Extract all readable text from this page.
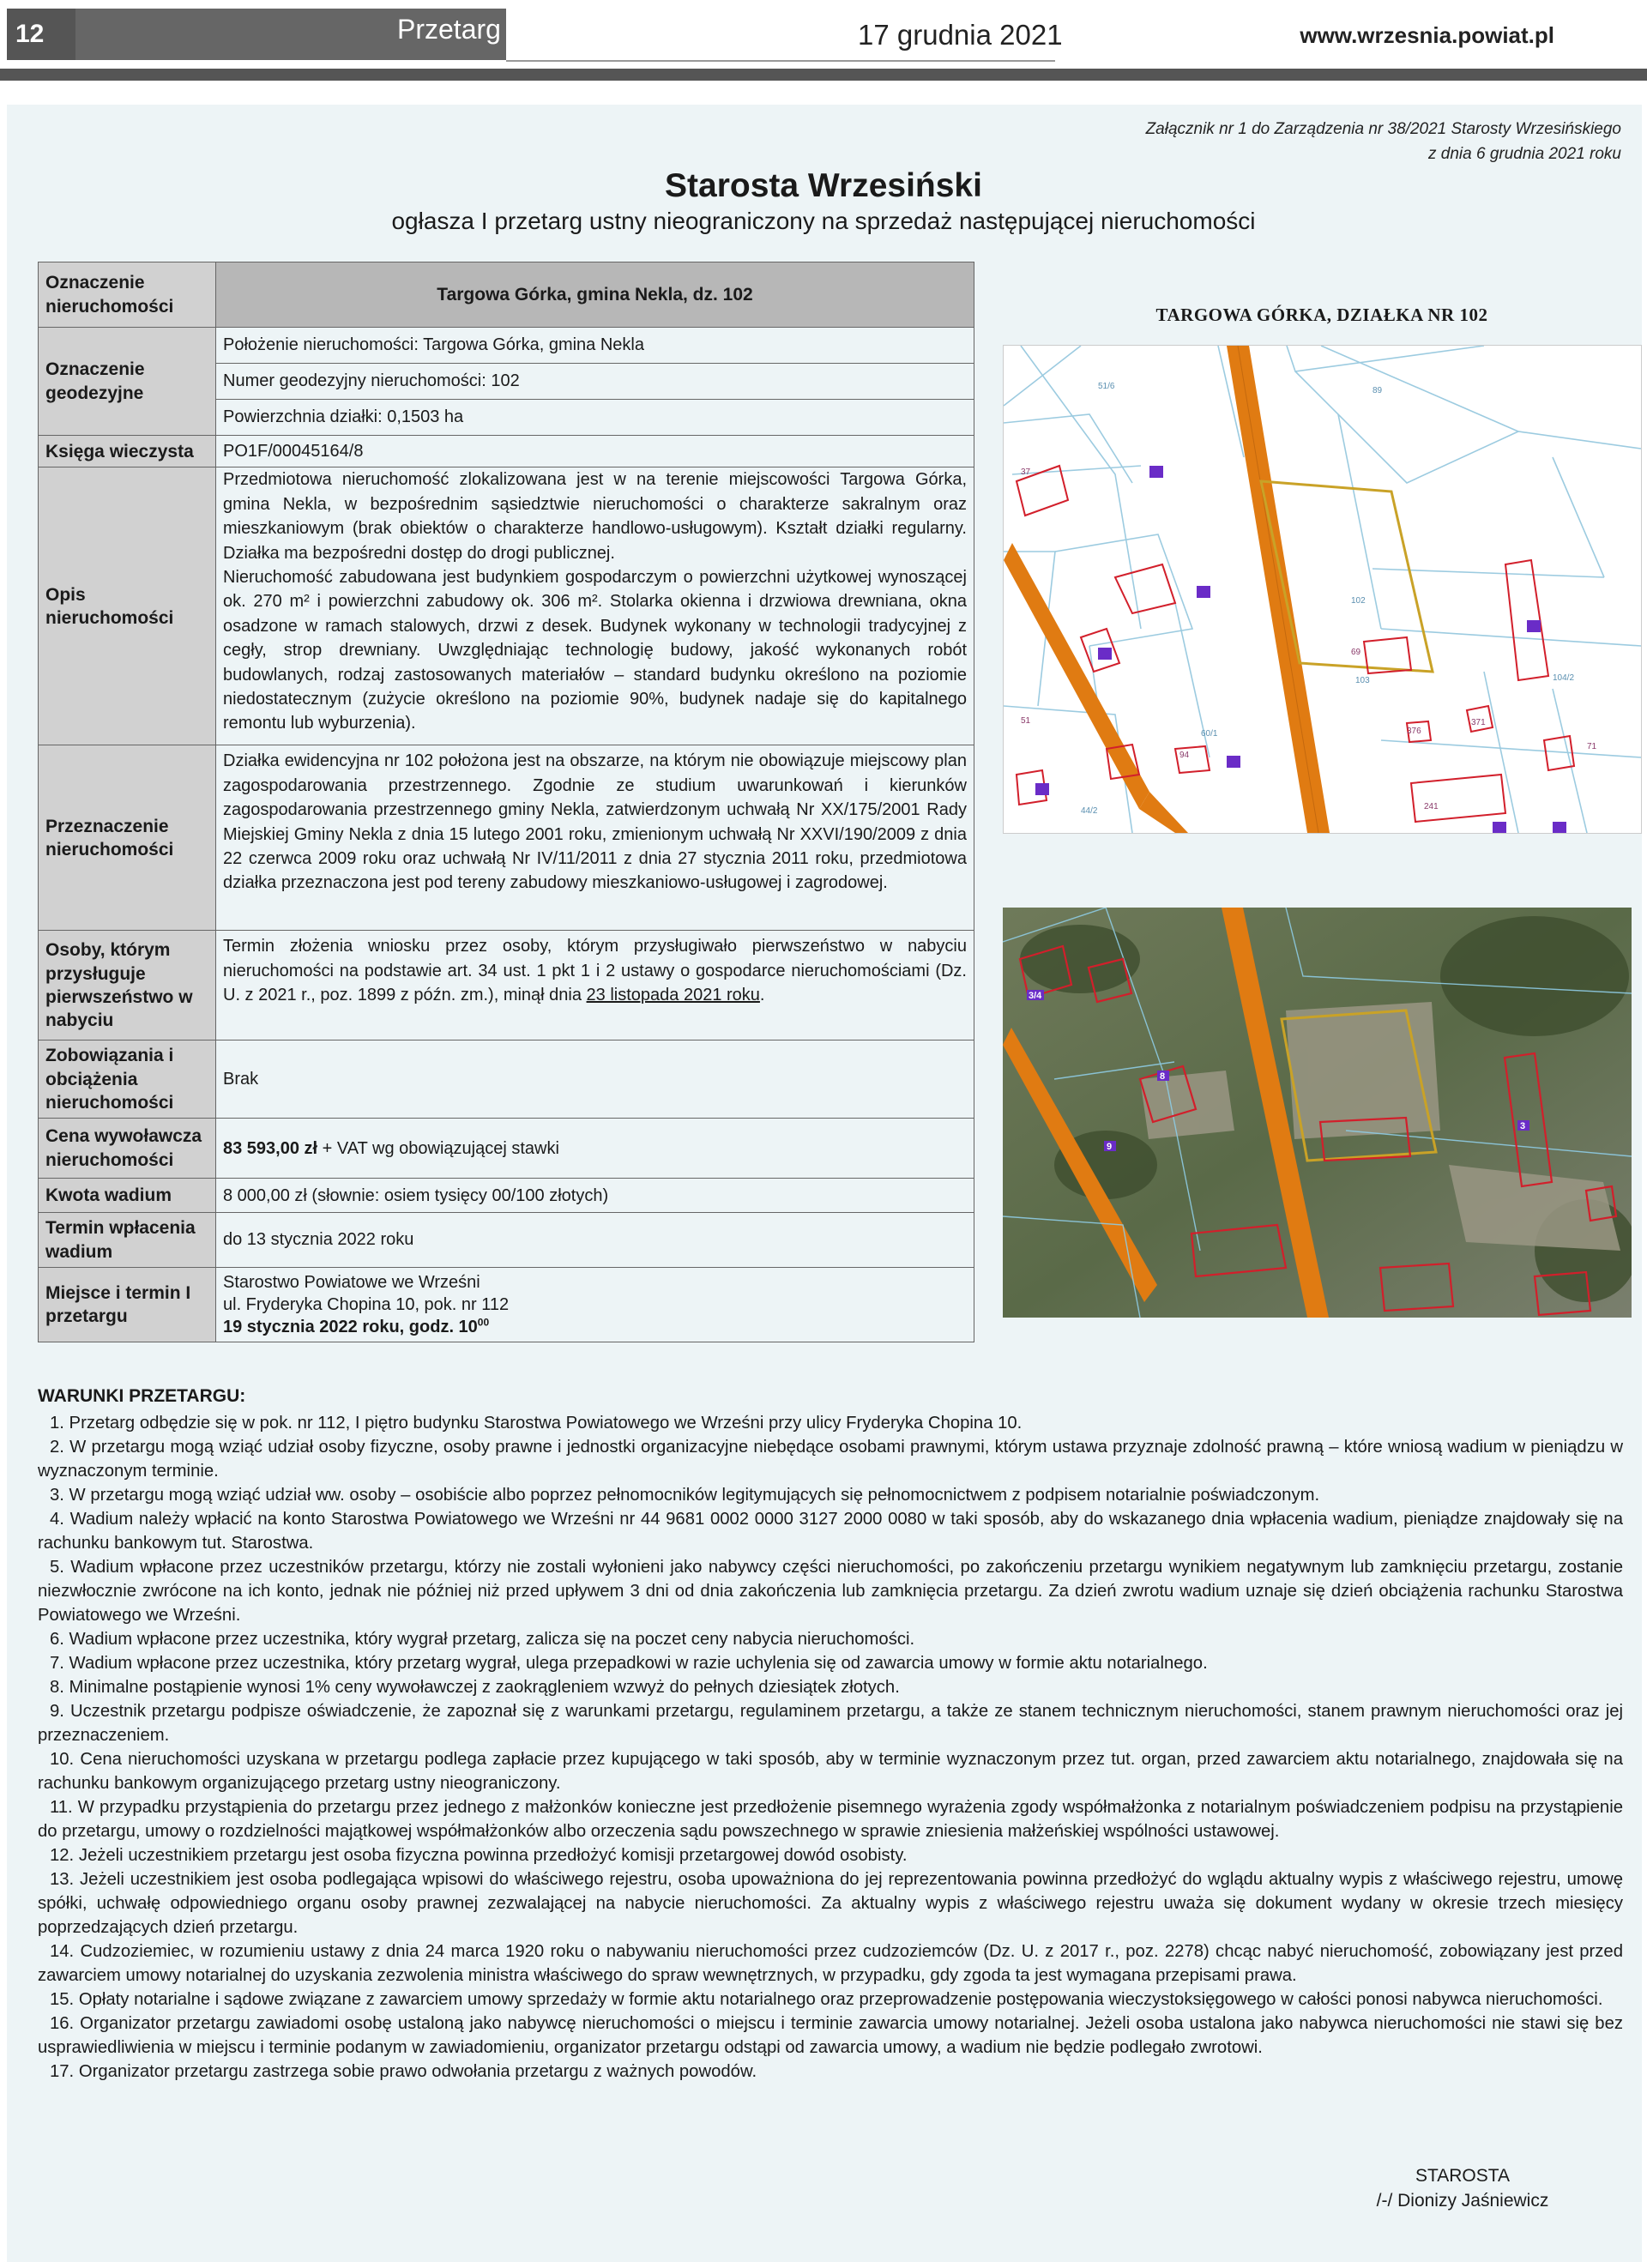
12	Przetarg	17 grudnia 2021	www.wrzesnia.powiat.pl
Załącznik nr 1 do Zarządzenia nr 38/2021 Starosty Wrzesińskiego
z dnia 6 grudnia 2021 roku
Starosta Wrzesiński
ogłasza I przetarg ustny nieograniczony na sprzedaż następującej nieruchomości
Oznaczenie nieruchomości	Targowa Górka, gmina Nekla, dz. 102
Oznaczenie geodezyjne	Położenie nieruchomości: Targowa Górka, gmina Nekla
	Numer geodezyjny nieruchomości: 102
	Powierzchnia działki: 0,1503 ha
Księga wieczysta	PO1F/00045164/8
Opis nieruchomości	Przedmiotowa nieruchomość zlokalizowana jest w na terenie miejscowości Targowa Górka, gmina Nekla, w bezpośrednim sąsiedztwie nieruchomości o charakterze sakralnym oraz mieszkaniowym (brak obiektów o charakterze handlowo-usługowym). Kształt działki regularny. Działka ma bezpośredni dostęp do drogi publicznej.
Nieruchomość zabudowana jest budynkiem gospodarczym o powierzchni użytkowej wynoszącej ok. 270 m² i powierzchni zabudowy ok. 306 m². Stolarka okienna i drzwiowa drewniana, okna osadzone w ramach stalowych, drzwi z desek. Budynek wykonany w technologii tradycyjnej z cegły, strop drewniany. Uwzględniając technologię budowy, jakość wykonanych robót budowlanych, rodzaj zastosowanych materiałów – standard budynku określono na poziomie niedostatecznym (zużycie określono na poziomie 90%, budynek nadaje się do kapitalnego remontu lub wyburzenia).
Przeznaczenie nieruchomości	Działka ewidencyjna nr 102 położona jest na obszarze, na którym nie obowiązuje miejscowy plan zagospodarowania przestrzennego. Zgodnie ze studium uwarunkowań i kierunków zagospodarowania przestrzennego gminy Nekla, zatwierdzonym uchwałą Nr XX/175/2001 Rady Miejskiej Gminy Nekla z dnia 15 lutego 2001 roku, zmienionym uchwałą Nr XXVI/190/2009 z dnia 22 czerwca 2009 roku oraz uchwałą Nr IV/11/2011 z dnia 27 stycznia 2011 roku, przedmiotowa działka przeznaczona jest pod tereny zabudowy mieszkaniowo-usługowej i zagrodowej.
Osoby, którym przysługuje pierwszeństwo w nabyciu	Termin złożenia wniosku przez osoby, którym przysługiwało pierwszeństwo w nabyciu nieruchomości na podstawie art. 34 ust. 1 pkt 1 i 2 ustawy o gospodarce nieruchomościami (Dz. U. z 2021 r., poz. 1899 z późn. zm.), minął dnia 23 listopada 2021 roku.
Zobowiązania i obciążenia nieruchomości	Brak
Cena wywoławcza nieruchomości	83 593,00 zł + VAT wg obowiązującej stawki
Kwota wadium	8 000,00 zł (słownie: osiem tysięcy 00/100 złotych)
Termin wpłacenia wadium	do 13 stycznia 2022 roku
Miejsce i termin I przetargu	Starostwo Powiatowe we Wrześni
ul. Fryderyka Chopina 10, pok. nr 112
19 stycznia 2022 roku, godz. $10^{00}$
TARGOWA GÓRKA, DZIAŁKA NR 102
102
89
51/6
104/2
103
37
51
94
241
71
371
376
44/2
60/1
69
8
9
3/4
3
WARUNKI PRZETARGU:

1. Przetarg odbędzie się w pok. nr 112, I piętro budynku Starostwa Powiatowego we Wrześni przy ulicy Fryderyka Chopina 10.

2. W przetargu mogą wziąć udział osoby fizyczne, osoby prawne i jednostki organizacyjne niebędące osobami prawnymi, którym ustawa przyznaje zdolność prawną – które wniosą wadium w pieniądzu w wyznaczonym terminie.

3. W przetargu mogą wziąć udział ww. osoby – osobiście albo poprzez pełnomocników legitymujących się pełnomocnictwem z podpisem notarialnie poświadczonym.

4. Wadium należy wpłacić na konto Starostwa Powiatowego we Wrześni nr 44 9681 0002 0000 3127 2000 0080 w taki sposób, aby do wskazanego dnia wpłacenia wadium, pieniądze znajdowały się na rachunku bankowym tut. Starostwa.

5. Wadium wpłacone przez uczestników przetargu, którzy nie zostali wyłonieni jako nabywcy części nieruchomości, po zakończeniu przetargu wynikiem negatywnym lub zamknięciu przetargu, zostanie niezwłocznie zwrócone na ich konto, jednak nie później niż przed upływem 3 dni od dnia zakończenia lub zamknięcia przetargu. Za dzień zwrotu wadium uznaje się dzień obciążenia rachunku Starostwa Powiatowego we Wrześni.

6. Wadium wpłacone przez uczestnika, który wygrał przetarg, zalicza się na poczet ceny nabycia nieruchomości.

7. Wadium wpłacone przez uczestnika, który przetarg wygrał, ulega przepadkowi w razie uchylenia się od zawarcia umowy w formie aktu notarialnego.

8. Minimalne postąpienie wynosi 1% ceny wywoławczej z zaokrągleniem wzwyż do pełnych dziesiątek złotych.

9. Uczestnik przetargu podpisze oświadczenie, że zapoznał się z warunkami przetargu, regulaminem przetargu, a także ze stanem technicznym nieruchomości, stanem prawnym nieruchomości oraz jej przeznaczeniem.

10. Cena nieruchomości uzyskana w przetargu podlega zapłacie przez kupującego w taki sposób, aby w terminie wyznaczonym przez tut. organ, przed zawarciem aktu notarialnego, znajdowała się na rachunku bankowym organizującego przetarg ustny nieograniczony.

11. W przypadku przystąpienia do przetargu przez jednego z małżonków konieczne jest przedłożenie pisemnego wyrażenia zgody współmałżonka z notarialnym poświadczeniem podpisu na przystąpienie do przetargu, umowy o rozdzielności majątkowej współmałżonków albo orzeczenia sądu powszechnego w sprawie zniesienia małżeńskiej wspólności ustawowej.

12. Jeżeli uczestnikiem przetargu jest osoba fizyczna powinna przedłożyć komisji przetargowej dowód osobisty.

13. Jeżeli uczestnikiem jest osoba podlegająca wpisowi do właściwego rejestru, osoba upoważniona do jej reprezentowania powinna przedłożyć do wglądu aktualny wypis z właściwego rejestru, umowę spółki, uchwałę odpowiedniego organu osoby prawnej zezwalającej na nabycie nieruchomości. Za aktualny wypis z właściwego rejestru uważa się dokument wydany w okresie trzech miesięcy poprzedzających dzień przetargu.

14. Cudzoziemiec, w rozumieniu ustawy z dnia 24 marca 1920 roku o nabywaniu nieruchomości przez cudzoziemców (Dz. U. z 2017 r., poz. 2278) chcąc nabyć nieruchomość, zobowiązany jest przed zawarciem umowy notarialnej do uzyskania zezwolenia ministra właściwego do spraw wewnętrznych, w przypadku, gdy zgoda ta jest wymagana przepisami prawa.

15. Opłaty notarialne i sądowe związane z zawarciem umowy sprzedaży w formie aktu notarialnego oraz przeprowadzenie postępowania wieczystoksięgowego w całości ponosi nabywca nieruchomości.

16. Organizator przetargu zawiadomi osobę ustaloną jako nabywcę nieruchomości o miejscu i terminie zawarcia umowy notarialnej. Jeżeli osoba ustalona jako nabywca nieruchomości nie stawi się bez usprawiedliwienia w miejscu i terminie podanym w zawiadomieniu, organizator przetargu odstąpi od zawarcia umowy, a wadium nie będzie podlegało zwrotowi.

17. Organizator przetargu zastrzega sobie prawo odwołania przetargu z ważnych powodów.

STAROSTA
/-/ Dionizy Jaśniewicz
